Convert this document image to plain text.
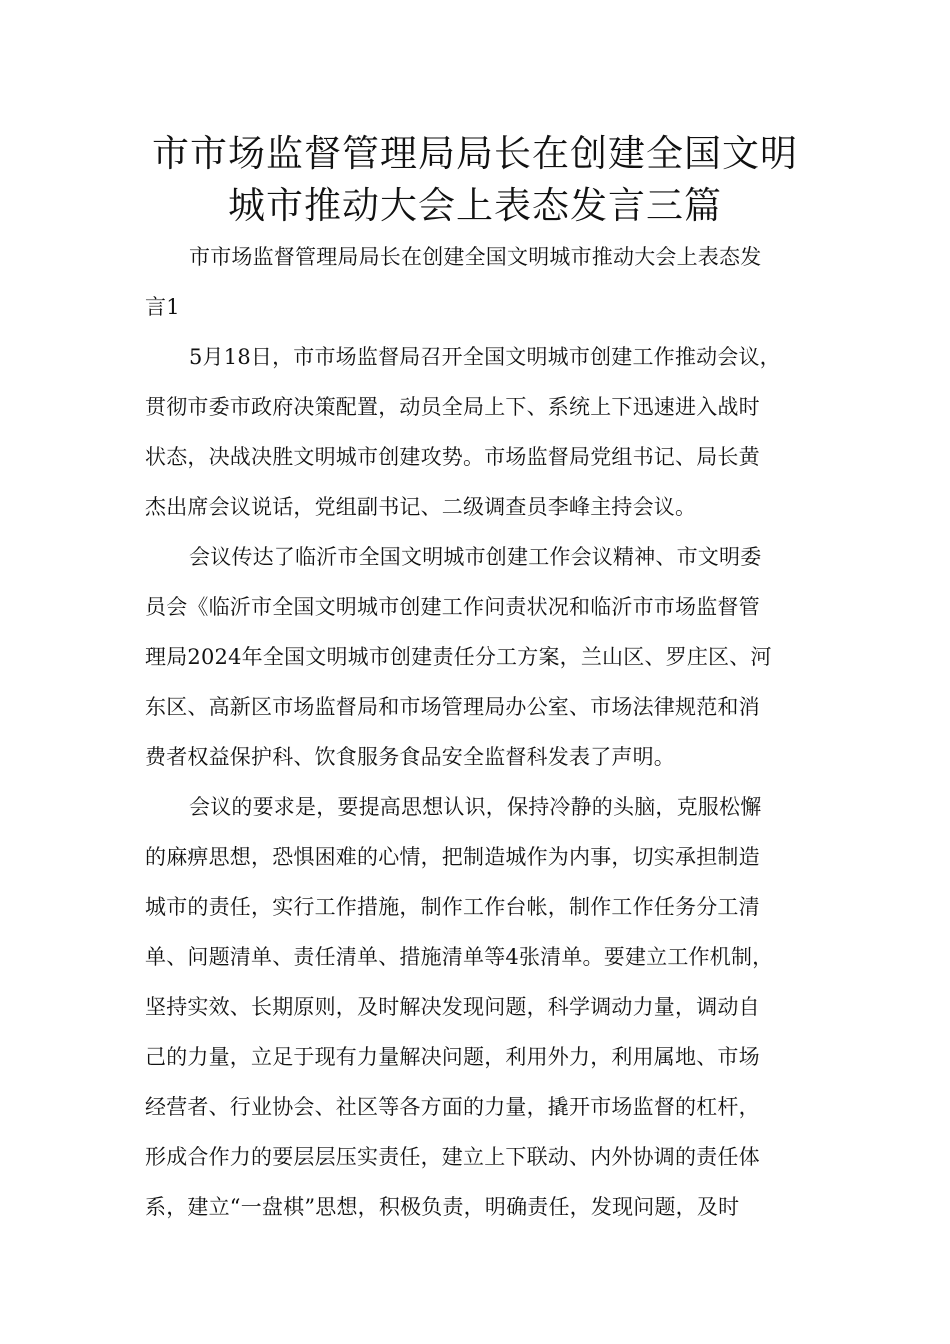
市市场监督管理局局长在创建全国文明
城市推动大会上表态发言三篇
市市场监督管理局局长在创建全国文明城市推动大会上表态发
言1
5月18日，市市场监督局召开全国文明城市创建工作推动会议，
贯彻市委市政府决策配置，动员全局上下、系统上下迅速进入战时
状态，决战决胜文明城市创建攻势。市场监督局党组书记、局长黄
杰出席会议说话，党组副书记、二级调查员李峰主持会议。
会议传达了临沂市全国文明城市创建工作会议精神、市文明委
员会《临沂市全国文明城市创建工作问责状况和临沂市市场监督管
理局2024年全国文明城市创建责任分工方案，兰山区、罗庄区、河
东区、高新区市场监督局和市场管理局办公室、市场法律规范和消
费者权益保护科、饮食服务食品安全监督科发表了声明。
会议的要求是，要提高思想认识，保持冷静的头脑，克服松懈
的麻痹思想，恐惧困难的心情，把制造城作为内事，切实承担制造
城市的责任，实行工作措施，制作工作台帐，制作工作任务分工清
单、问题清单、责任清单、措施清单等4张清单。要建立工作机制，
坚持实效、长期原则，及时解决发现问题，科学调动力量，调动自
己的力量，立足于现有力量解决问题，利用外力，利用属地、市场
经营者、行业协会、社区等各方面的力量，撬开市场监督的杠杆，
形成合作力的要层层压实责任，建立上下联动、内外协调的责任体
系，建立“一盘棋”思想，积极负责，明确责任，发现问题，及时
